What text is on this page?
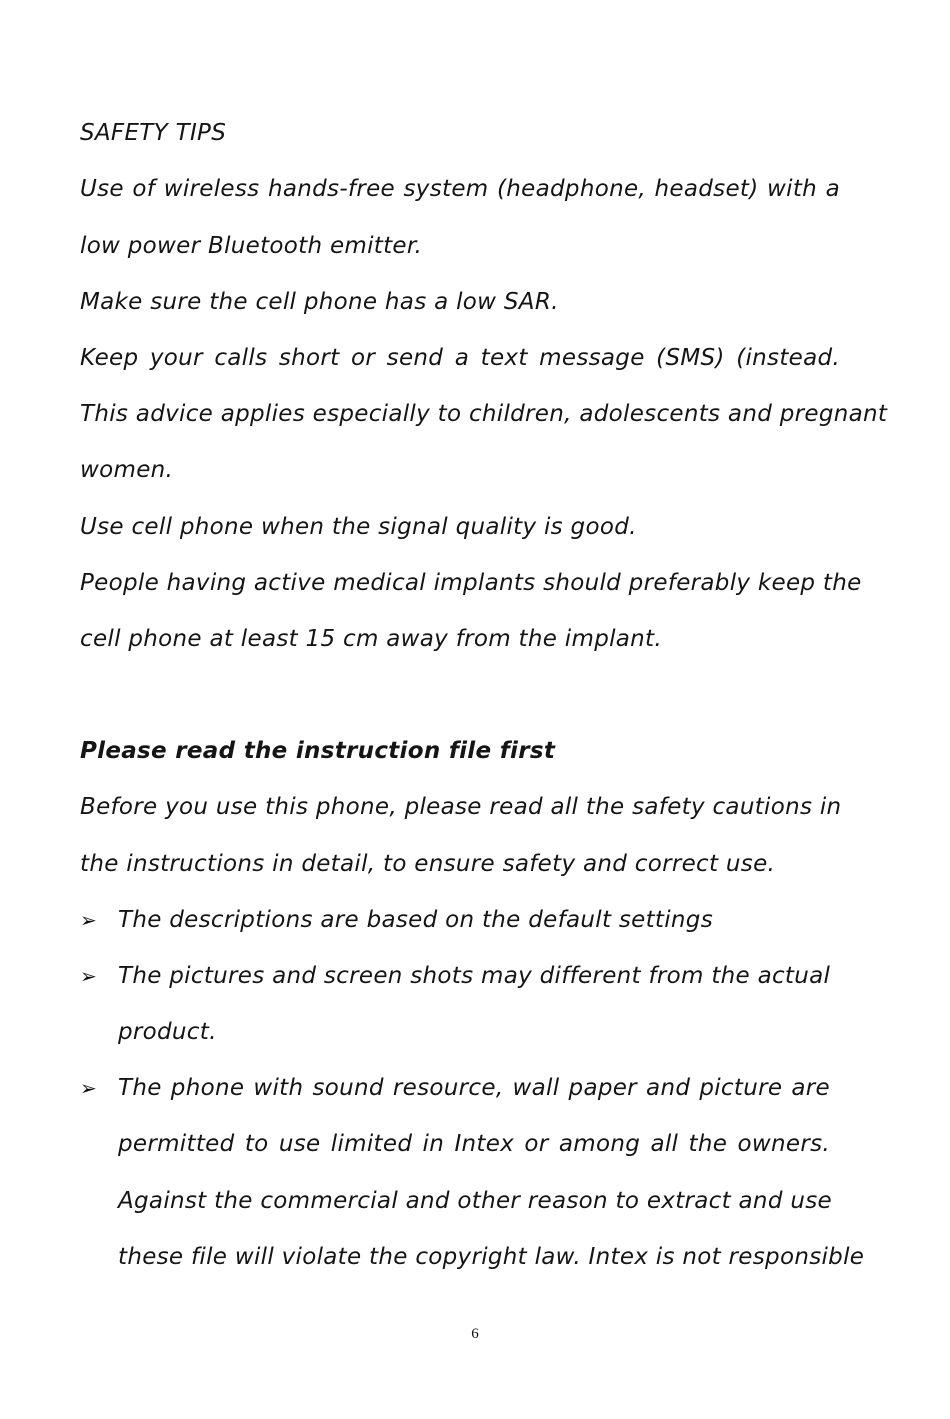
SAFETY TIPS
Use of wireless hands-free system (headphone, headset) with a
low power Bluetooth emitter.
Make sure the cell phone has a low SAR.
Keep your calls short or send a text message (SMS) (instead.
This advice applies especially to children, adolescents and pregnant
women.
Use cell phone when the signal quality is good.
People having active medical implants should preferably keep the
cell phone at least 15 cm away from the implant.
Please read the instruction file first
Before you use this phone, please read all the safety cautions in
the instructions in detail, to ensure safety and correct use.
➢ The descriptions are based on the default settings
➢ The pictures and screen shots may different from the actual
product.
➢ The phone with sound resource, wall paper and picture are
permitted to use limited in Intex or among all the owners.
Against the commercial and other reason to extract and use
these file will violate the copyright law. Intex is not responsible
6
